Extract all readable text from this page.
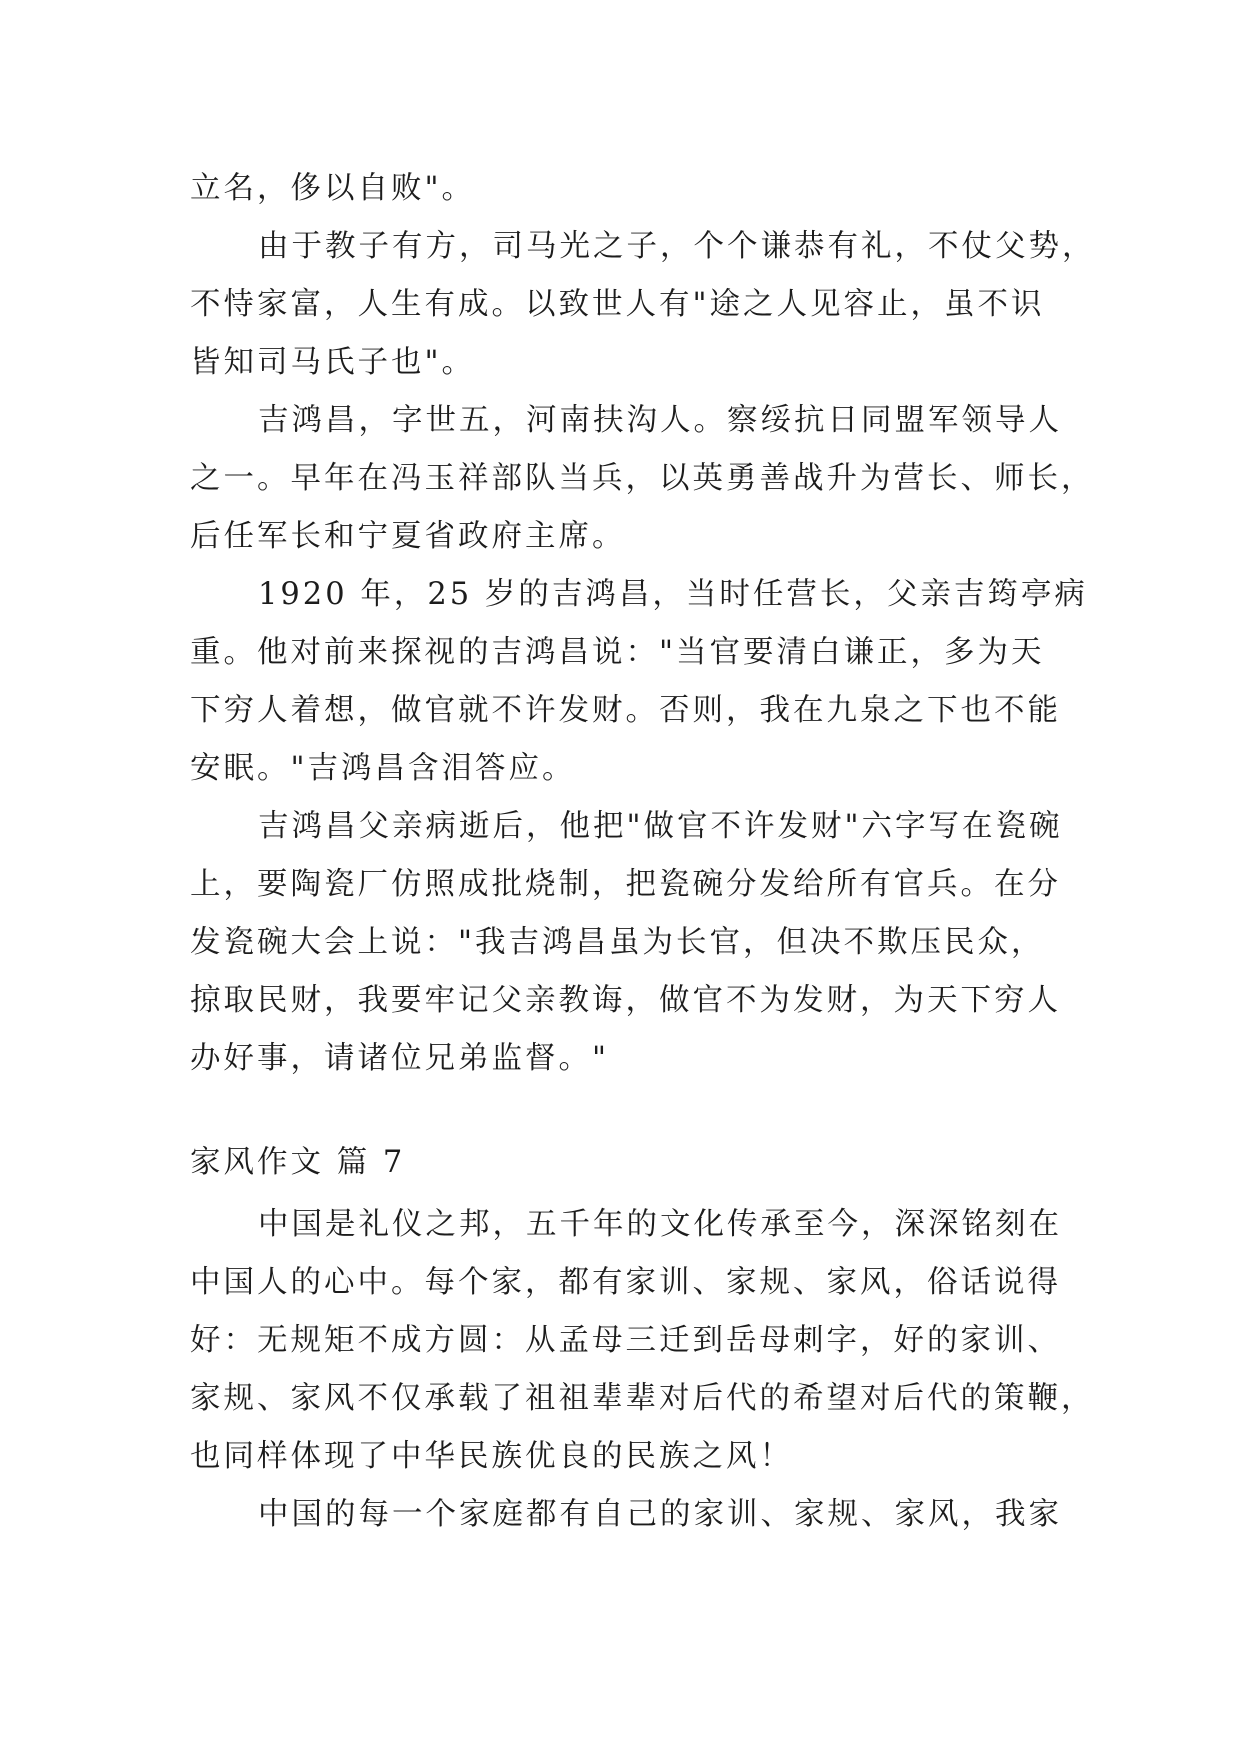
立名，侈以自败"。
由于教子有方，司马光之子，个个谦恭有礼，不仗父势，
不恃家富，人生有成。以致世人有"途之人见容止，虽不识
皆知司马氏子也"。
吉鸿昌，字世五，河南扶沟人。察绥抗日同盟军领导人
之一。早年在冯玉祥部队当兵，以英勇善战升为营长、师长，
后任军长和宁夏省政府主席。
1920 年，25 岁的吉鸿昌，当时任营长，父亲吉筠亭病
重。他对前来探视的吉鸿昌说："当官要清白谦正，多为天
下穷人着想，做官就不许发财。否则，我在九泉之下也不能
安眠。"吉鸿昌含泪答应。
吉鸿昌父亲病逝后，他把"做官不许发财"六字写在瓷碗
上，要陶瓷厂仿照成批烧制，把瓷碗分发给所有官兵。在分
发瓷碗大会上说："我吉鸿昌虽为长官，但决不欺压民众，
掠取民财，我要牢记父亲教诲，做官不为发财，为天下穷人
办好事，请诸位兄弟监督。"
家风作文 篇 7
中国是礼仪之邦，五千年的文化传承至今，深深铭刻在
中国人的心中。每个家，都有家训、家规、家风，俗话说得
好：无规矩不成方圆：从孟母三迁到岳母刺字，好的家训、
家规、家风不仅承载了祖祖辈辈对后代的希望对后代的策鞭，
也同样体现了中华民族优良的民族之风！
中国的每一个家庭都有自己的家训、家规、家风，我家
